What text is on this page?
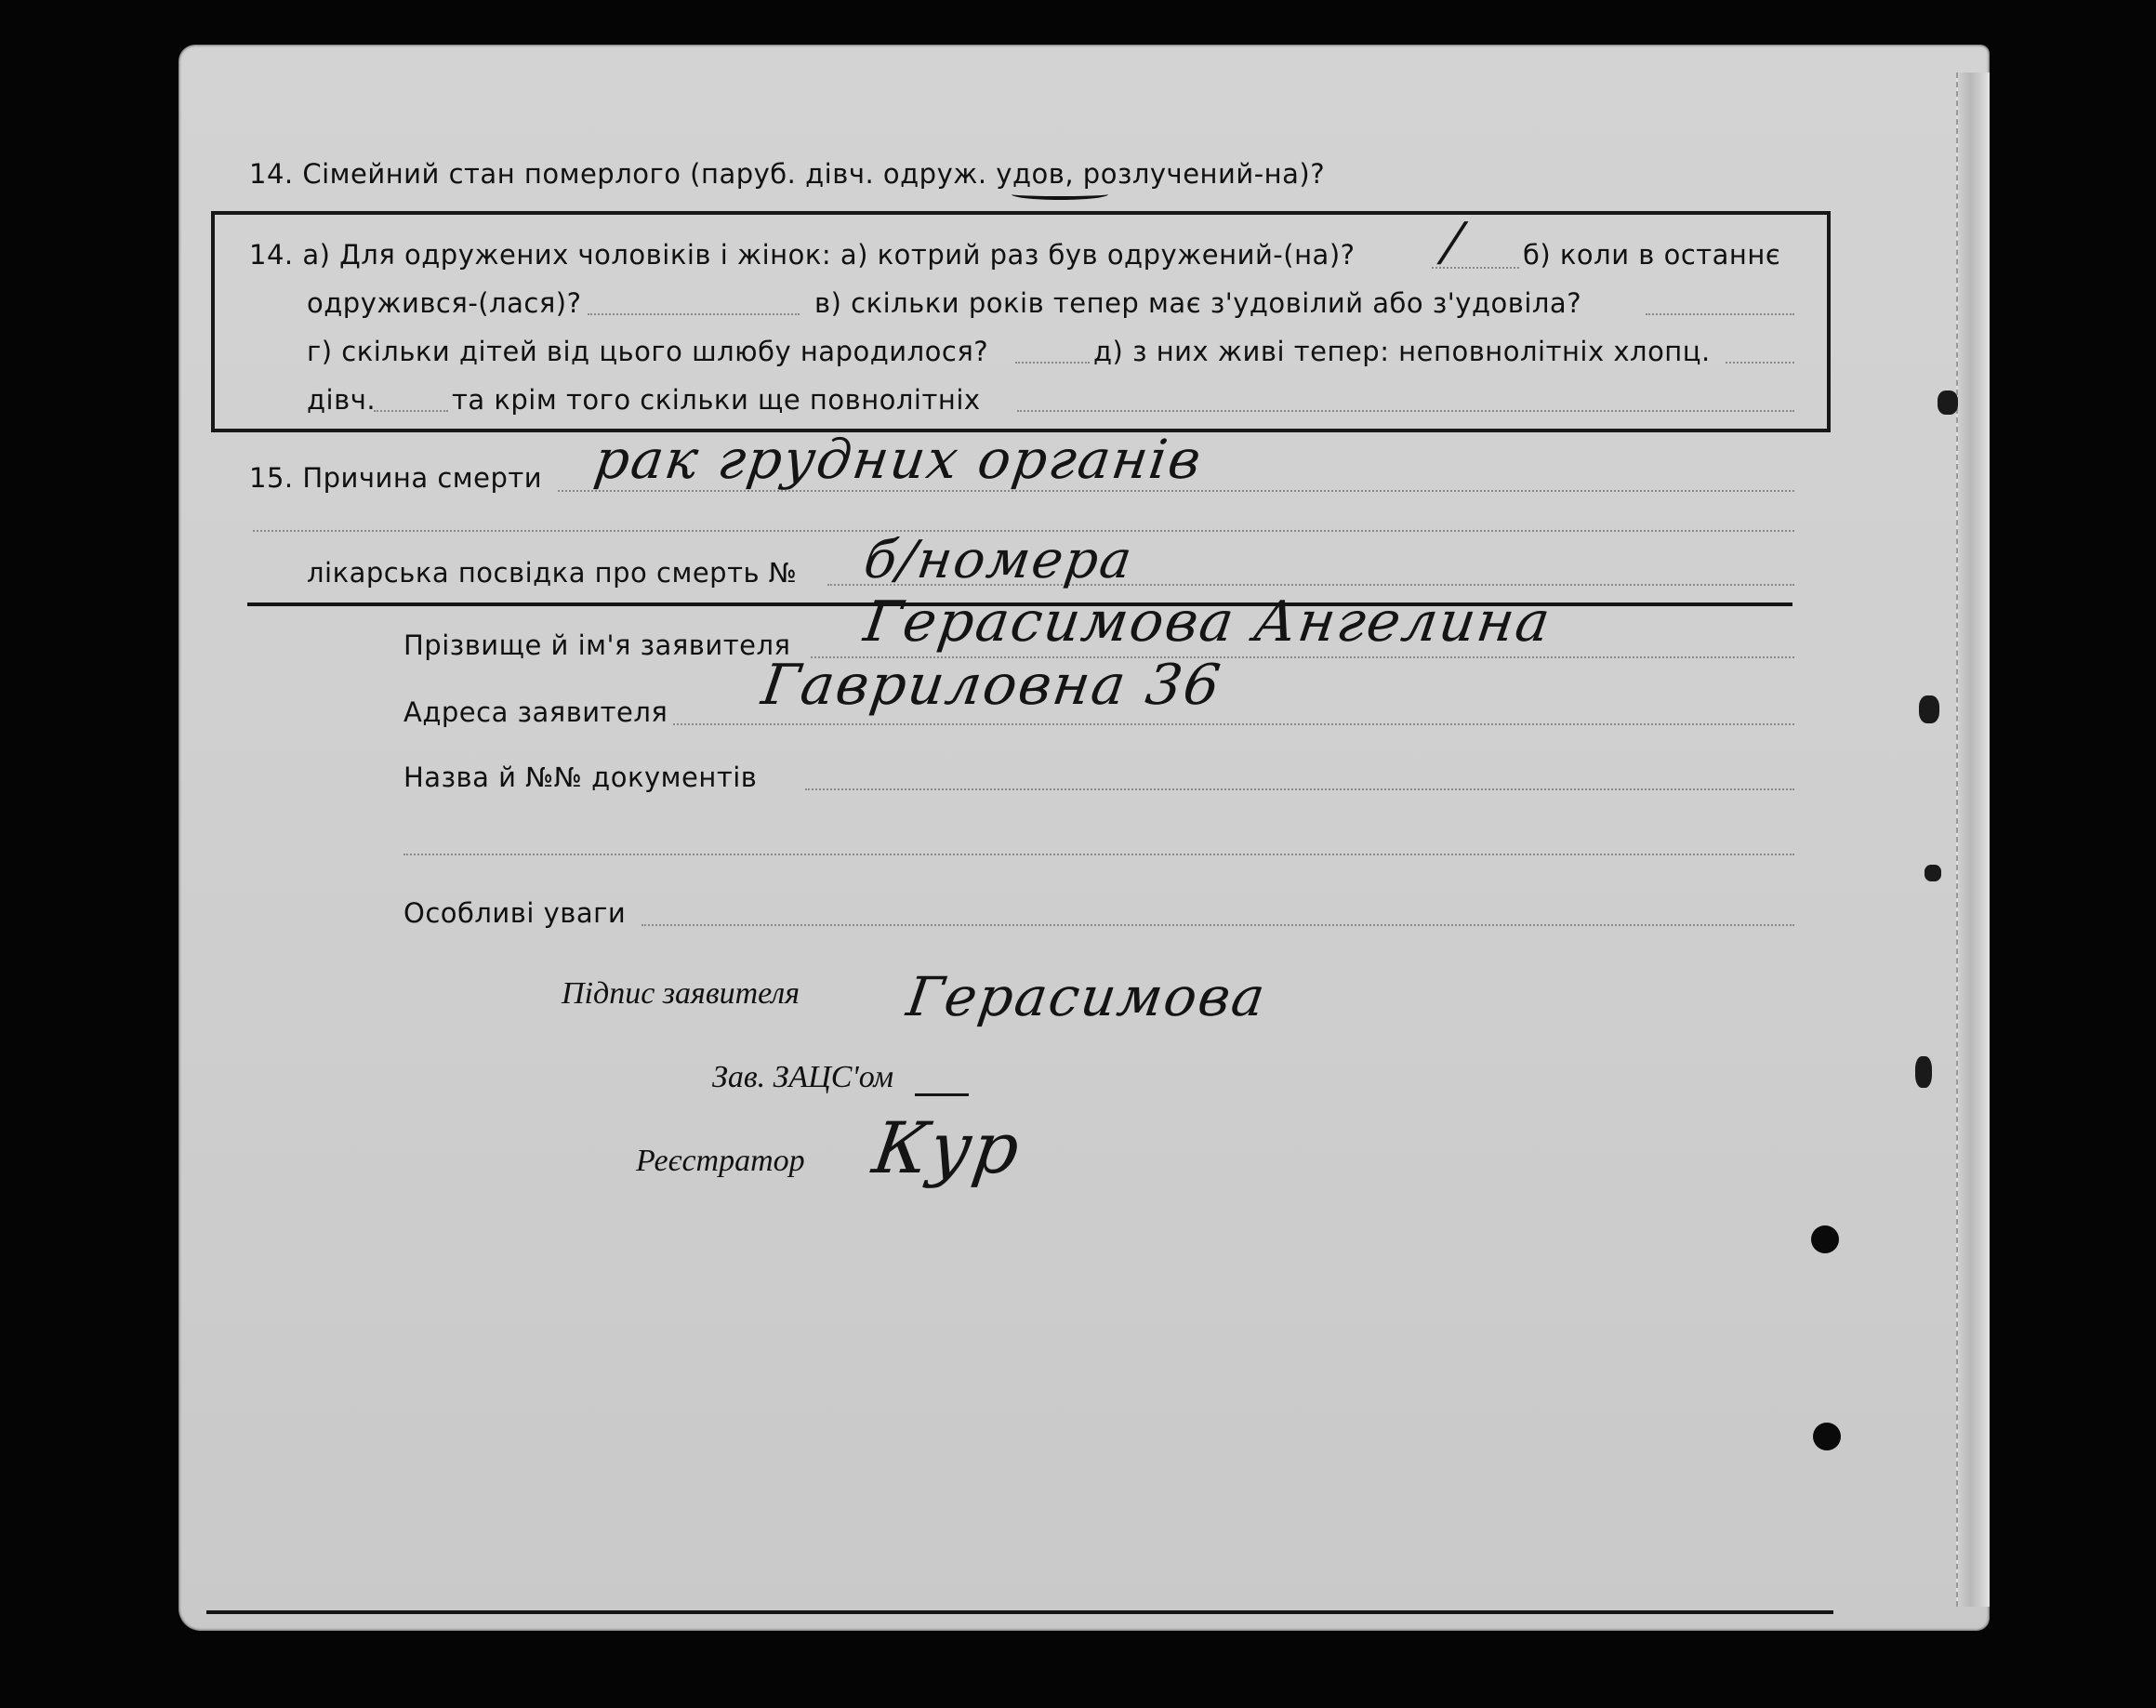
14. Сімейний стан померлого (паруб. дівч. одруж. удов, розлучений-на)?
14. а) Для одружених чоловіків і жінок: а) котрий раз був одружений-(на)? / б) коли в останнє
одружився-(лася)?	в) скільки років тепер має з'удовілий або з'удовіла?
г) скільки дітей від цього шлюбу народилося?	д) з них живі тепер: неповнолітніх хлопц.
дівч.	та крім того скільки ще повнолітніх
15. Причина смерти рак грудних органів
лікарська посвідка про смерть № б/номера
Прізвище й ім'я заявителя Герасимова Ангелина
Адреса заявителя Гавриловна 36
Назва й №№ документів
Особливі уваги
Підпис заявителя Герасимова
Зав. ЗАЦС'ом
Реєстратор Кур
